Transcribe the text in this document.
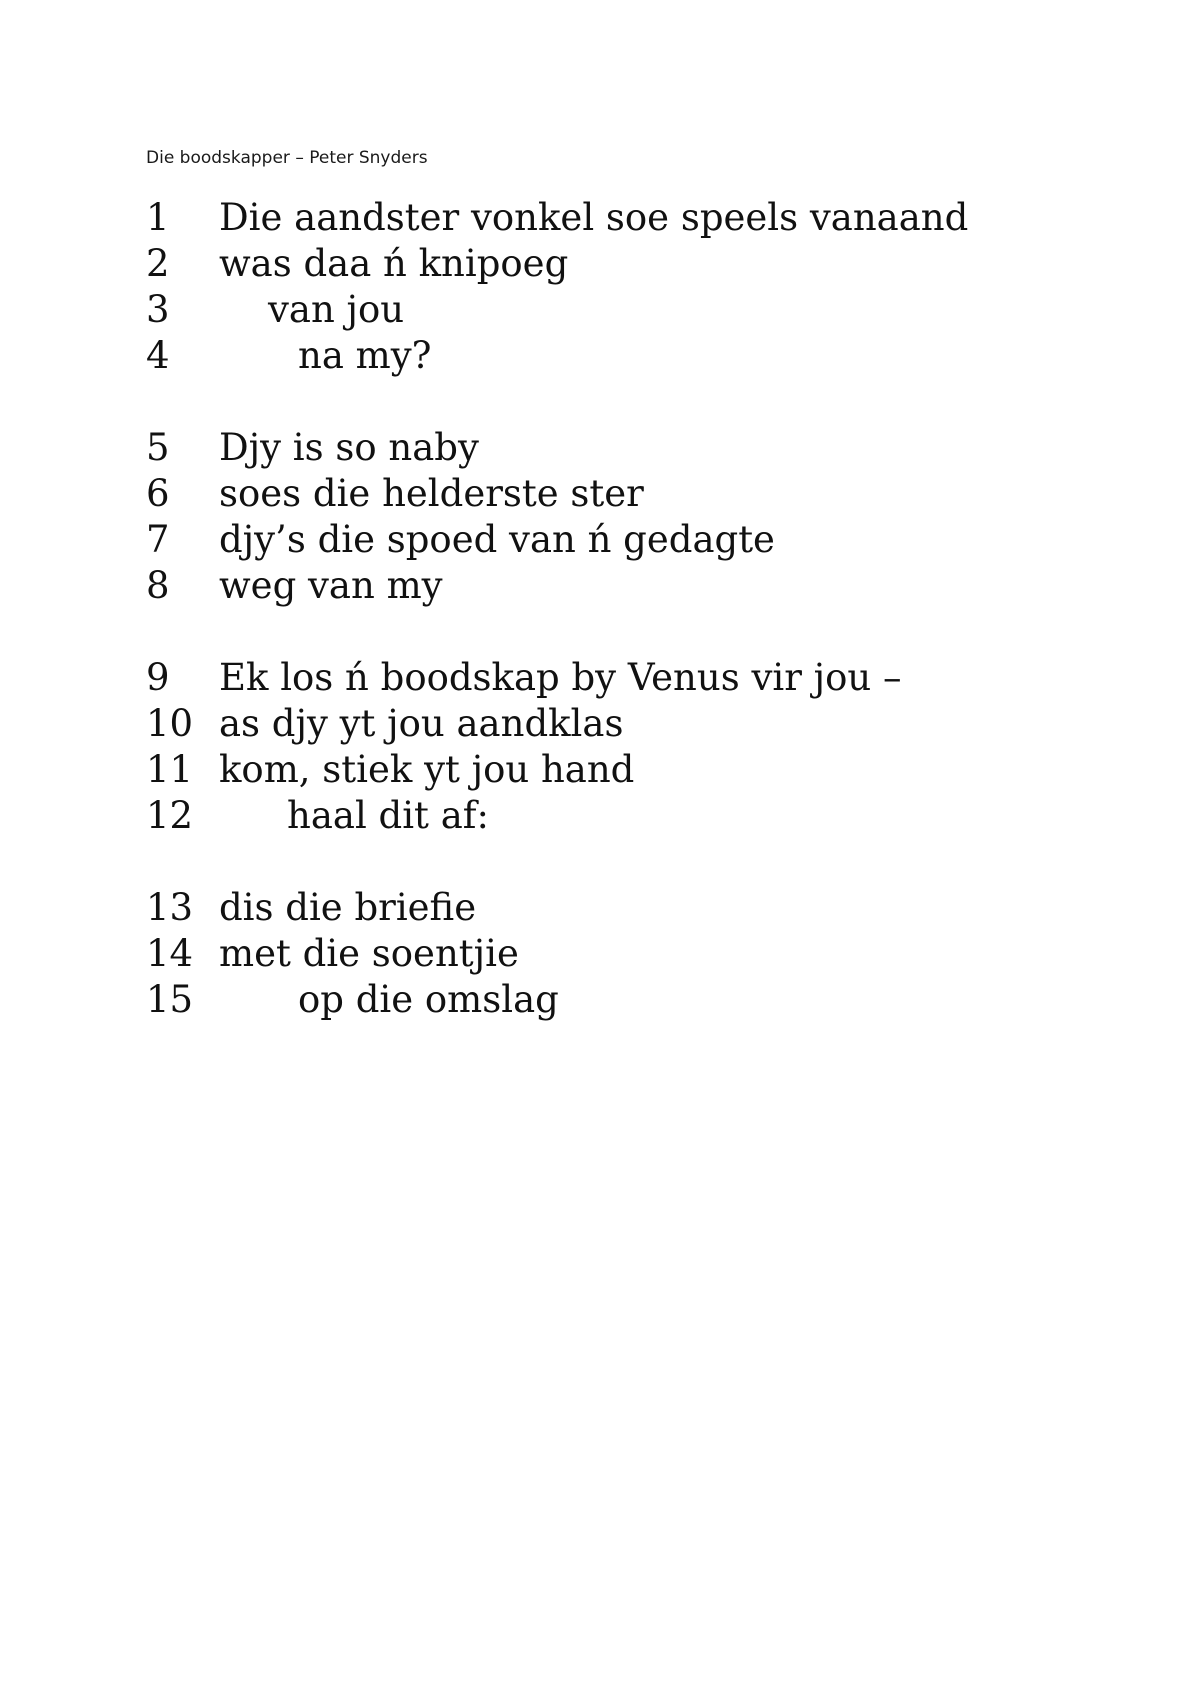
Die boodskapper – Peter Snyders
1	Die aandster vonkel soe speels vanaand
2	was daa ń knipoeg
3	van jou
4	na my?
5	Djy is so naby
6	soes die helderste ster
7	djy’s die spoed van ń gedagte
8	weg van my
9	Ek los ń boodskap by Venus vir jou –
10 as djy yt jou aandklas
11 kom, stiek yt jou hand
12	haal dit af:
13 dis die briefie
14 met die soentjie
15	op die omslag
